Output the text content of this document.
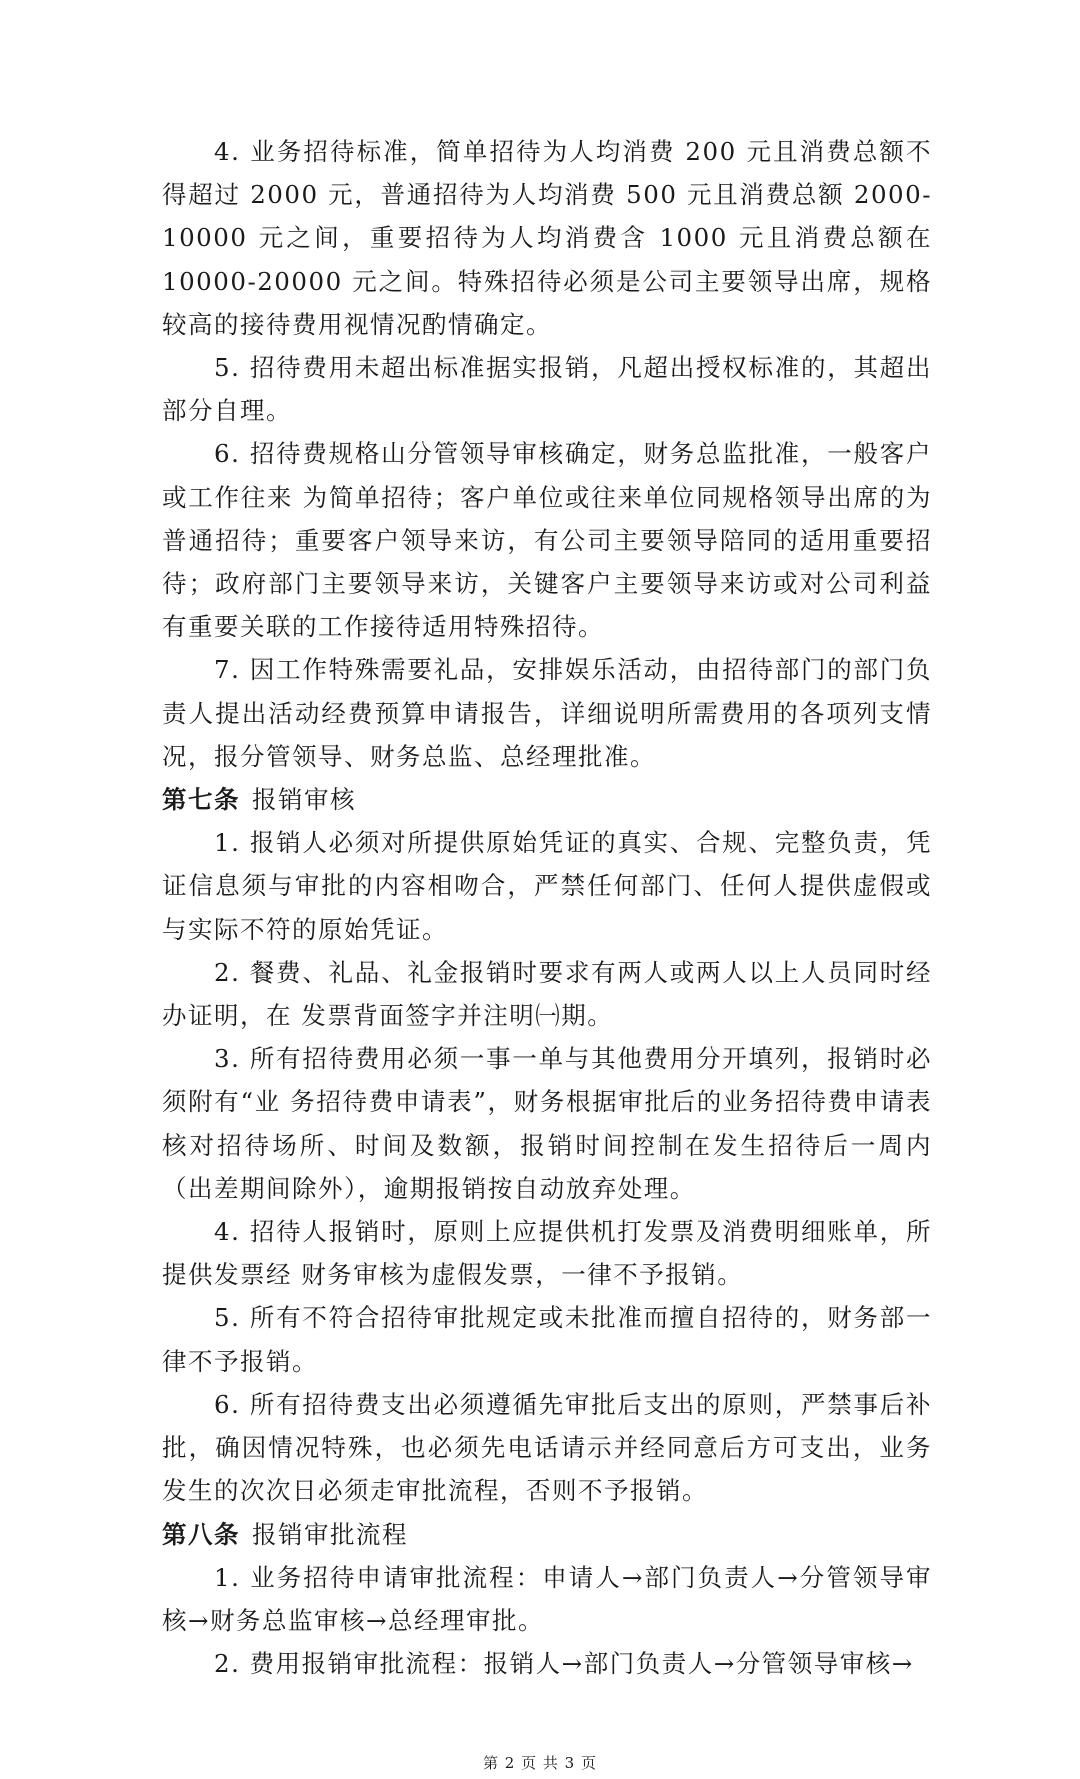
4. 业务招待标准，简单招待为人均消费 200 元且消费总额不得超过 2000 元，普通招待为人均消费 500 元且消费总额 2000-10000 元之间，重要招待为人均消费含 1000 元且消费总额在 10000-20000 元之间。特殊招待必须是公司主要领导出席，规格较高的接待费用视情况酌情确定。

5. 招待费用未超出标准据实报销，凡超出授权标准的，其超出部分自理。

6. 招待费规格山分管领导审核确定，财务总监批准，一般客户或工作往来 为简单招待；客户单位或往来单位同规格领导出席的为普通招待；重要客户领导来访，有公司主要领导陪同的适用重要招待；政府部门主要领导来访，关键客户主要领导来访或对公司利益有重要关联的工作接待适用特殊招待。

7. 因工作特殊需要礼品，安排娱乐活动，由招待部门的部门负责人提出活动经费预算申请报告，详细说明所需费用的各项列支情况，报分管领导、财务总监、总经理批准。

第七条 报销审核

1. 报销人必须对所提供原始凭证的真实、合规、完整负责，凭证信息须与审批的内容相吻合，严禁任何部门、任何人提供虚假或与实际不符的原始凭证。

2. 餐费、礼品、礼金报销时要求有两人或两人以上人员同时经办证明，在 发票背面签字并注明㈠期。

3. 所有招待费用必须一事一单与其他费用分开填列，报销时必须附有“业 务招待费申请表”，财务根据审批后的业务招待费申请表核对招待场所、时间及数额，报销时间控制在发生招待后一周内（出差期间除外），逾期报销按自动放弃处理。

4. 招待人报销时，原则上应提供机打发票及消费明细账单，所提供发票经 财务审核为虚假发票，一律不予报销。

5. 所有不符合招待审批规定或未批准而擅自招待的，财务部一律不予报销。

6. 所有招待费支出必须遵循先审批后支出的原则，严禁事后补批，确因情况特殊，也必须先电话请示并经同意后方可支出，业务发生的次次日必须走审批流程，否则不予报销。

第八条 报销审批流程

1. 业务招待申请审批流程：申请人→部门负责人→分管领导审核→财务总监审核→总经理审批。

2. 费用报销审批流程：报销人→部门负责人→分管领导审核→

第 2 页 共 3 页
